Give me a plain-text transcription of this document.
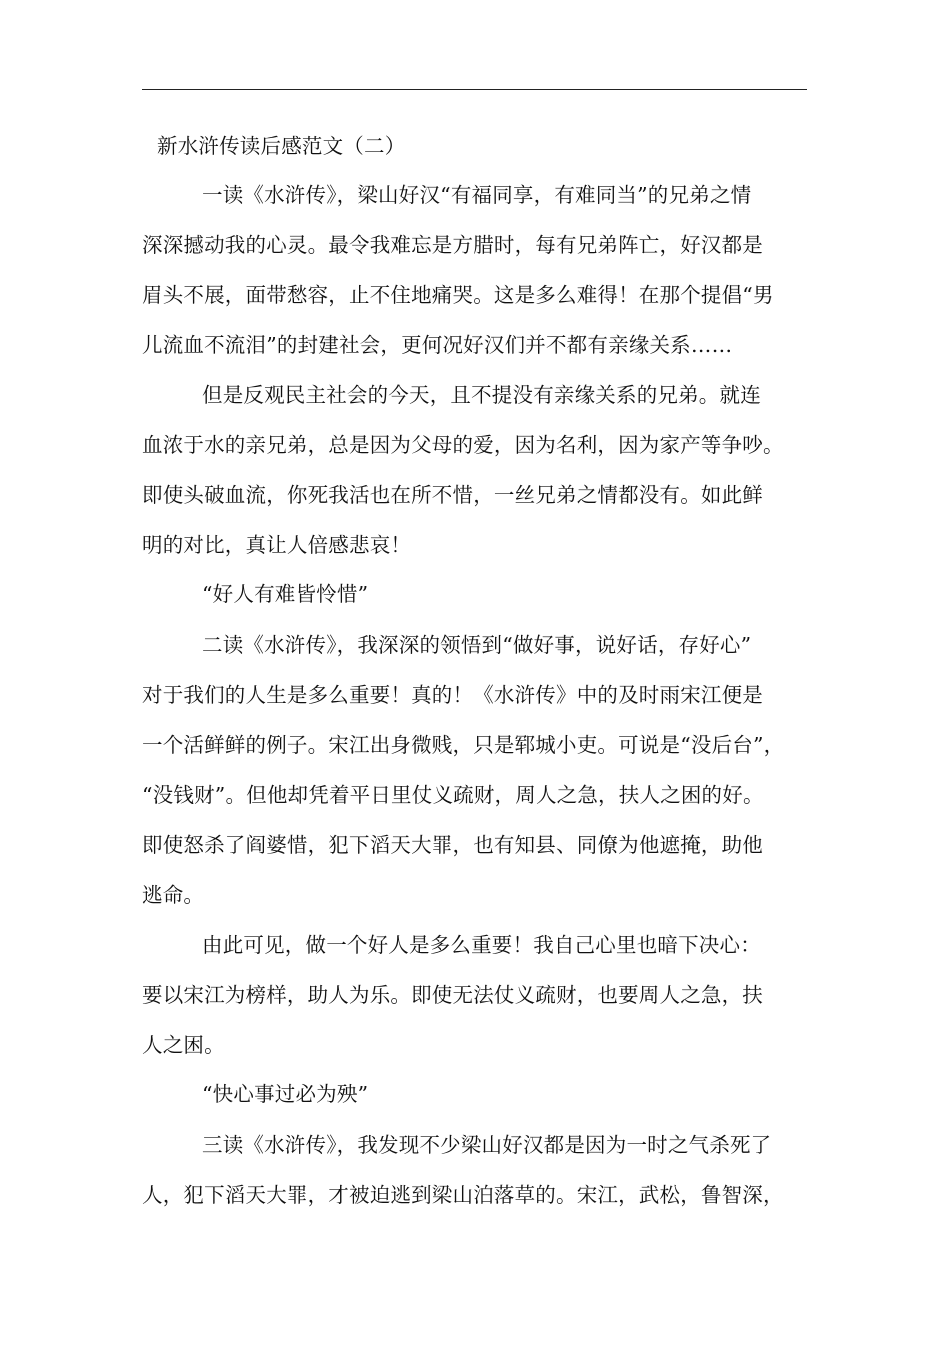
新水浒传读后感范文（二）
一读《水浒传》，梁山好汉“有福同享，有难同当”的兄弟之情
深深撼动我的心灵。最令我难忘是方腊时，每有兄弟阵亡，好汉都是
眉头不展，面带愁容，止不住地痛哭。这是多么难得！在那个提倡“男
儿流血不流泪”的封建社会，更何况好汉们并不都有亲缘关系……
但是反观民主社会的今天，且不提没有亲缘关系的兄弟。就连
血浓于水的亲兄弟，总是因为父母的爱，因为名利，因为家产等争吵。
即使头破血流，你死我活也在所不惜，一丝兄弟之情都没有。如此鲜
明的对比，真让人倍感悲哀！
“好人有难皆怜惜”
二读《水浒传》，我深深的领悟到“做好事，说好话，存好心”
对于我们的人生是多么重要！真的！《水浒传》中的及时雨宋江便是
一个活鲜鲜的例子。宋江出身微贱，只是郓城小吏。可说是“没后台”，
“没钱财”。但他却凭着平日里仗义疏财，周人之急，扶人之困的好。
即使怒杀了阎婆惜，犯下滔天大罪，也有知县、同僚为他遮掩，助他
逃命。
由此可见，做一个好人是多么重要！我自己心里也暗下决心：
要以宋江为榜样，助人为乐。即使无法仗义疏财，也要周人之急，扶
人之困。
“快心事过必为殃”
三读《水浒传》，我发现不少梁山好汉都是因为一时之气杀死了
人，犯下滔天大罪，才被迫逃到梁山泊落草的。宋江，武松，鲁智深，
